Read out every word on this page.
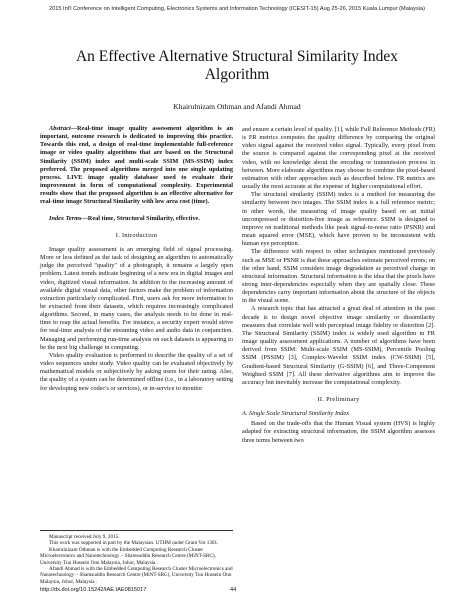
2015 Int'l Conference on Intelligent Computing, Electronics Systems and Information Technology (ICESIT-15) Aug 25-26, 2015 Kuala Lumpur (Malaysia)
An Effective Alternative Structural Similarity Index
Algorithm
Khairulnizam Othman and Afandi Ahmad

Abstract—Real-time image quality assessment algorithm is an important, outcome research is dedicated to improving this practice. Towards this end, a design of real-time implementable full-reference image or video quality algorithms that are based on the Structural Similarity (SSIM) index and multi-scale SSIM (MS-SSIM) index preferred. The proposed algorithms merged into one single updating process. LIVE image quality database used to evaluate their improvement in form of computational complexity. Experimental results show that the proposed algorithm is an effective alternative for real-time image Structural Similarity with low area cost (time).

Index Terms—Real time, Structural Similarity, effective.

I. Introduction

Image quality assessment is an emerging field of signal processing. More or less defined as the task of designing an algorithm to automatically judge the perceived "quality" of a photograph, it remains a largely open problem. Latest trends indicate beginning of a new era in digital images and video, digitized visual information. In addition to the increasing amount of available digital visual data, other factors make the problem of information extraction particularly complicated. First, users ask for more information to be extracted from their datasets, which requires increasingly complicated algorithms. Second, in many cases, the analysis needs to be done in real-time to reap the actual benefits. For instance, a security expert would strive for real-time analysis of the streaming video and audio data in conjunction. Managing and performing run-time analysis on such datasets is appearing to be the next big challenge in computing.

Video quality evaluation is performed to describe the quality of a set of video sequences under study. Video quality can be evaluated objectively by mathematical models or subjectively by asking users for their rating. Also, the quality of a system can be determined offline (i.e., in a laboratory setting for developing new codec's or services), or in-service to monitor

Manuscript received July 9, 2015.

This work was supported in part by the Malaysian. UTHM under Grant Vot 1301.

Khairulnizam Othman is with the Embedded Computing Research Cluster Microelectronics and Nanotechnology – Shamsuddin Research Centre (MiNT-SRC), University Tun Hussein Onn Malaysia, Johor, Malaysia .

Afandi Ahmad is with the Embedded Computing Research Cluster Microelectronics and Nanotechnology – Shamsuddin Research Centre (MiNT-SRC), University Tun Hussein Onn Malaysia, Johor, Malaysia .

and ensure a certain level of quality. [1], while Full Reference Methods (FR) is FR metrics computes the quality difference by comparing the original video signal against the received video signal. Typically, every pixel from the source is compared against the corresponding pixel at the received video, with no knowledge about the encoding or transmission process in between. More elaborate algorithms may choose to combine the pixel-based estimation with other approaches such as described below. FR metrics are usually the most accurate at the expense of higher computational effort.

The structural similarity (SSIM) index is a method for measuring the similarity between two images. The SSIM index is a full reference metric; in other words, the measuring of image quality based on an initial uncompressed or distortion-free image as reference. SSIM is designed to improve on traditional methods like peak signal-to-noise ratio (PSNR) and mean squared error (MSE), which have proven to be inconsistent with human eye perception.

The difference with respect to other techniques mentioned previously such as MSE or PSNR is that these approaches estimate perceived errors; on the other hand, SSIM considers image degradation as perceived change in structural information. Structural information is the idea that the pixels have strong inter-dependencies especially when they are spatially close. These dependencies carry important information about the structure of the objects in the visual scene.

A research topic that has attracted a great deal of attention in the past decade is to design novel objective image similarity or dissimilarity measures that correlate well with perceptual image fidelity or distortion [2]. The Structural Similarity (SSIM) index is widely used algorithm in FR image quality assessment applications. A number of algorithms have been derived from SSIM: Multi-scale SSIM (MS-SSIM), Percentile Pooling SSIM (PSSIM) [3], Complex-Wavelet SSIM index (CW-SSIM) [5], Gradient-based Structural Similarity (G-SSIM) [6], and Three-Component Weighted SSIM [7]. All these derivative algorithms aim to improve the accuracy but inevitably increase the computational complexity.

II. Preliminary

A. Single Scale Structural Similarity Index

Based on the trade-offs that the Human Visual system (HVS) is highly adapted for extracting structural information, the SSIM algorithm assesses three terms between two

http://dx.doi.org/10.15242/IAE.IAE0815017	44
